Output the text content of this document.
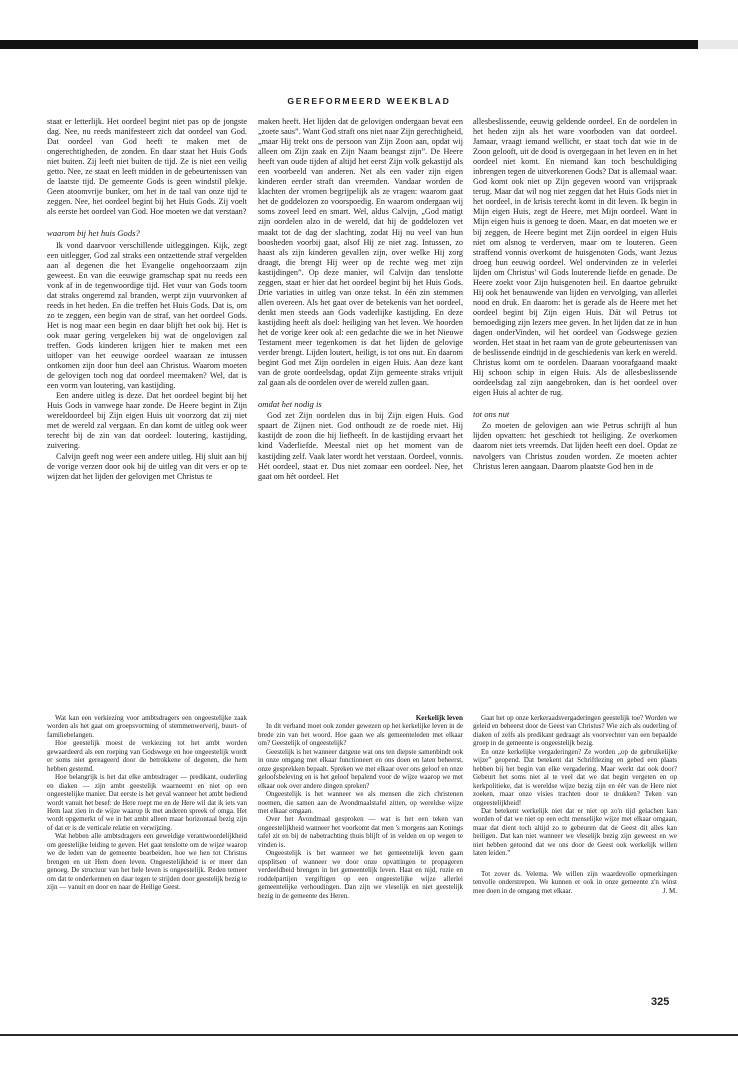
GEREFORMEERD WEEKBLAD

staat er letterlijk. Het oordeel begint niet pas op de jongste dag. Nee, nu reeds manifesteert zich dat oordeel van God. Dat oordeel van God heeft te maken met de ongerechtigheden, de zonden. En daar staat het Huis Gods niet buiten. Zij leeft niet buiten de tijd. Ze is niet een veilig getto. Nee, ze staat en leeft midden in de gebeurtenissen van de laatste tijd. De gemeente Gods is geen windstil plekje. Geen atoomvrije bunker, om het in de taal van onze tijd te zeggen. Nee, het oordeel begint bij het Huis Gods. Zij voelt als eerste het oordeel van God. Hoe moeten we dat verstaan?

waarom bij het huis Gods?

Ik vond daarvoor verschillende uitleggingen. Kijk, zegt een uitlegger, God zal straks een ontzettende straf vergelden aan al degenen die het Evangelie ongehoorzaam zijn geweest. En van die eeuwige gramschap spat nu reeds een vonk af in de tegenwoordige tijd. Het vuur van Gods toorn dat straks ongeremd zal branden, werpt zijn vuurvonken af reeds in het heden. En die treffen het Huis Gods. Dat is, om zo te zeggen, een begin van de straf, van het oordeel Gods. Het is nog maar een begin en daar blijft het ook bij. Het is ook maar gering vergeleken bij wat de ongelovigen zal treffen. Gods kinderen krijgen hier te maken met een uitloper van het eeuwige oordeel waaraan ze intussen ontkomen zijn door hun deel aan Christus. Waarom moeten de gelovigen toch nog dat oordeel meemaken? Wel, dat is een vorm van loutering, van kastijding.

Een andere uitleg is deze. Dat het oordeel begint bij het Huis Gods in vanwege haar zonde. De Heere begint in Zijn wereldoordeel bij Zijn eigen Huis uit voorzorg dat zij niet met de wereld zal vergaan. En dan komt de uitleg ook weer terecht bij de zin van dat oordeel: loutering, kastijding, zuivering.

Calvijn geeft nog weer een andere uitleg. Hij sluit aan bij de vorige verzen door ook bij de uitleg van dit vers er op te wijzen dat het lijden der gelovigen met Christus te

maken heeft. Het lijden dat de gelovigen ondergaan bevat een „zoete saus”. Want God straft ons niet naar Zijn gerechtigheid, „maar Hij trekt ons de persoon van Zijn Zoon aan, opdat wij alleen om Zijn zaak en Zijn Naam beangst zijn”. De Heere heeft van oude tijden af altijd het eerst Zijn volk gekastijd als een voorbeeld van anderen. Net als een vader zijn eigen kinderen eerder straft dan vreemden. Vandaar worden de klachten der vromen begrijpelijk als ze vragen: waarom gaat het de goddelozen zo voorspoedig. En waarom ondergaan wij soms zoveel leed en smart. Wel, aldus Calvijn, „God matigt zijn oordelen alzo in de wereld, dat hij de goddelozen vet maakt tot de dag der slachting, zodat Hij nu veel van hun boosheden voorbij gaat, alsof Hij ze niet zag. Intussen, zo haast als zijn kinderen gevallen zijn, over welke Hij zorg draagt, die brengt Hij weer op de rechte weg met zijn kastijdingen”. Op deze manier, wil Calvijn dan tenslotte zeggen, staat er hier dat het oordeel begint bij het Huis Gods. Drie variaties in uitleg van onze tekst. In één zin stemmen allen overeen. Als het gaat over de betekenis van het oordeel, denkt men steeds aan Gods vaderlijke kastijding. En deze kastijding heeft als doel: heiliging van het leven. We hoorden het de vorige keer ook al: een gedachte die we in het Nieuwe Testament meer tegenkomen is dat het lijden de gelovige verder brengt. Lijden loutert, heiligt, is tot ons nut. En daarom begint God met Zijn oordelen in eigen Huis. Aan deze kant van de grote oordeelsdag, opdat Zijn gemeente straks vrijuit zal gaan als de oordelen over de wereld zullen gaan.

omdat het nodig is

God zet Zijn oordelen dus in bij Zijn eigen Huis. God spaart de Zijnen niet. God onthoudt ze de roede niet. Hij kastijdt de zoon die hij liefheeft. In de kastijding ervaart het kind Vaderliefde. Meestal niet op het moment van de kastijding zelf. Vaak later wordt het verstaan. Oordeel, vonnis. Hét oordeel, staat er. Dus niet zomaar een oordeel. Nee, het gaat om hét oordeel. Het

allesbeslissende, eeuwig geldende oordeel. En de oordelen in het heden zijn als het ware voorboden van dat oordeel. Jamaar, vraagt iemand wellicht, er staat toch dat wie in de Zoon gelooft, uit de dood is overgegaan in het leven en in het oordeel niet komt. En niemand kan toch beschuldiging inbrengen tegen de uitverkorenen Gods? Dat is allemaal waar. God komt ook niet op Zijn gegeven woord van vrijspraak terug. Maar dat wil nog niet zeggen dat het Huis Gods niet in het oordeel, in de krisis terecht komt in dit leven. Ik begin in Mijn eigen Huis, zegt de Heere, met Mijn oordeel. Want in Mijn eigen huis is genoeg te doen. Maar, en dat moeten we er bij zeggen, de Heere begint met Zijn oordeel in eigen Huis niet om alsnog te verderven, maar om te louteren. Geen straffend vonnis overkomt de huisgenoten Gods, want Jezus droeg hun eeuwig oordeel. Wel ondervinden ze in velerlei lijden om Christus' wil Gods louterende liefde en genade. De Heere zoekt voor Zijn huisgenoten heil. En daartoe gebruikt Hij ook het benauwende van lijden en vervolging, van allerlei nood en druk. En daarom: het is gerade als de Heere met het oordeel begint bij Zijn eigen Huis. Dát wil Petrus tot bemoediging zijn lezers mee geven. In het lijden dat ze in hun dagen onderVinden, wil het oordeel van Godswege gezien worden. Het staat in het raam van de grote gebeurtenissen van de beslissende eindtijd in de geschiedenis van kerk en wereld. Christus komt om te oordelen. Daaraan voorafgaand maakt Hij schoon schip in eigen Huis. Als de allesbeslissende oordeelsdag zal zijn aangebroken, dan is het oordeel over eigen Huis al achter de rug.

tot ons nut

Zo moeten de gelovigen aan wie Petrus schrijft al hun lijden opvatten: het geschiedt tot heiliging. Ze overkomen daarom niet iets vreemds. Dat lijden heeft een doel. Opdat ze navolgers van Christus zouden worden. Ze moeten achter Christus leren aangaan. Daarom plaatste God hen in de

Wat kan een verkiezing voor ambtsdragers een ongeestelijke zaak worden als het gaat om groepsvorming of stemmenwerverij, buurt- of familiebelangen.

Hoe geestelijk moest de verkiezing tot het ambt worden gewaardeerd als een roeping van Godswege en hoe ongeestelijk wordt er soms niet gereageerd door de betrokkene of degenen, die hem hebben gestemd.

Hoe belangrijk is het dat elke ambtsdrager — predikant, ouderling en diaken — zijn ambt geestelijk waarneemt en niet op een ongeestelijke manier. Dat eerste is het geval wanneer het ambt bediend wordt vanuit het besef: de Here roept me en de Here wil dat ik iets van Hem laat zien in de wijze waarop ik met anderen spreek of omga. Het wordt opgemerkt of we in het ambt alleen maar horizontaal bezig zijn of dat er is de verticale relatie en verwijzing.

Wat hebben alle ambtsdragers een geweldige verantwoordelijkheid om geestelijke leiding te geven. Het gaat tenslotte om de wijze waarop we de leden van de gemeente bearbeiden, hoe we hen tot Christus brengen en uit Hem doen leven. Ongeestelijkheid is er meer dan genoeg. De structuur van het hele leven is ongeestelijk. Reden temeer om dat te onderkennen en daar tegen te strijden door geestelijk bezig te zijn — vanuit en door en naar de Heilige Geest.

Kerkelijk leven

In dit verband moet ook zonder gewezen op het kerkelijke leven in de brede zin van het woord. Hoe gaan we als gemeenteleden met elkaar om? Geestelijk of ongeestelijk?

Geestelijk is het wanneer datgene wat ons ten diepste samenbindt ook in onze omgang met elkaar functioneert en ons doen en laten beheerst, onze gesprekken bepaalt. Spreken we met elkaar over ons geloof en onze geloofsbeleving en is het geloof bepalend voor de wijze waarop we met elkaar ook over andere dingen spreken?

Ongeestelijk is het wanneer we als mensen die zich christenen noemen, die samen aan de Avondmaalstafel zitten, op wereldse wijze met elkaar omgaan.

Over het Avondmaal gesproken — wat is het een teken van ongeestelijkheid wanneer het voorkomt dat men 's morgens aan Konings tafel zit en bij de nabetrachting thuis blijft of in velden en op wegen te vinden is.

Ongeestelijk is het wanneer we het gemeentelijk leven gaan opsplitsen of wanneer we door onze opvattingen te propageren verdeeldheid brengen in het gemeentelijk leven. Haat en nijd, ruzie en roddelpartijen vergiftigen op een ongeestelijke wijze allerlei gemeentelijke verhoudingen. Dan zijn we vleselijk en niet geestelijk bezig in de gemeente des Heren.

Gaat het op onze kerkeraadsvergaderingen geestelijk toe? Worden we geleid en beheerst door de Geest van Christus? Wie zich als ouderling of diaken of zelfs als predikant gedraagt als voorvechter van een bepaalde groep in de gemeente is ongeestelijk bezig.

En onze kerkelijke vergaderingen? Ze worden „op de gebruikelijke wijze” geopend. Dat betekent dat Schriftlezing en gebed een plaats hebben bij het begin van elke vergadering. Maar werkt dat ook door? Gebeurt het soms niet al te veel dat we dat begin vergeten en op kerkpolitieke, dat is wereldse wijze bezig zijn en éér van de Here niet zoeken, maar onze visies trachten door te drukken? Teken van ongeestelijkheid!

Dat betekent werkelijk niet dat er niet op zo'n tijd gelachen kan worden of dat we niet op een echt menselijke wijze met elkaar omgaan, maar dat dient toch altijd zo te gebeuren dat de Geest dit alles kan heiligen. Dat kan niet wanneer we vleselijk bezig zijn geweest en we niet hebben getoond dat we ons door de Geest ook werkelijk willen laten leiden.”

Tot zover ds. Velema. We willen zijn waardevolle opmerkingen tenvolle onderstrepen. We kunnen er ook in onze gemeente z'n winst mee doen in de omgang met elkaar.	J. M.

325
